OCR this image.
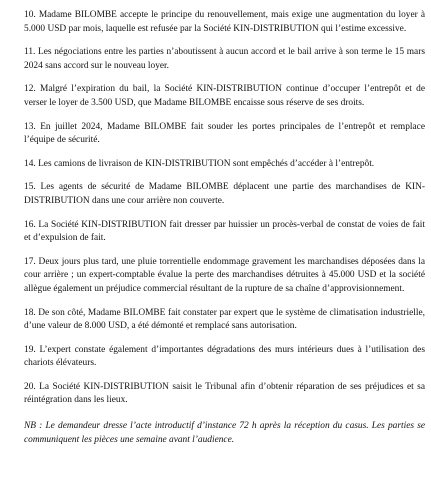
10. Madame BILOMBE accepte le principe du renouvellement, mais exige une augmentation du loyer à 5.000 USD par mois, laquelle est refusée par la Société KIN-DISTRIBUTION qui l’estime excessive.

11. Les négociations entre les parties n’aboutissent à aucun accord et le bail arrive à son terme le 15 mars 2024 sans accord sur le nouveau loyer.

12. Malgré l’expiration du bail, la Société KIN-DISTRIBUTION continue d’occuper l’entrepôt et de verser le loyer de 3.500 USD, que Madame BILOMBE encaisse sous réserve de ses droits.

13. En juillet 2024, Madame BILOMBE fait souder les portes principales de l’entrepôt et remplace l’équipe de sécurité.

14. Les camions de livraison de KIN-DISTRIBUTION sont empêchés d’accéder à l’entrepôt.

15. Les agents de sécurité de Madame BILOMBE déplacent une partie des marchandises de KIN-DISTRIBUTION dans une cour arrière non couverte.

16. La Société KIN-DISTRIBUTION fait dresser par huissier un procès-verbal de constat de voies de fait et d’expulsion de fait.

17. Deux jours plus tard, une pluie torrentielle endommage gravement les marchandises déposées dans la cour arrière ; un expert-comptable évalue la perte des marchandises détruites à 45.000 USD et la société allègue également un préjudice commercial résultant de la rupture de sa chaîne d’approvisionnement.

18. De son côté, Madame BILOMBE fait constater par expert que le système de climatisation industrielle, d’une valeur de 8.000 USD, a été démonté et remplacé sans autorisation.

19. L’expert constate également d’importantes dégradations des murs intérieurs dues à l’utilisation des chariots élévateurs.

20. La Société KIN-DISTRIBUTION saisit le Tribunal afin d’obtenir réparation de ses préjudices et sa réintégration dans les lieux.

NB : Le demandeur dresse l’acte introductif d’instance 72 h après la réception du casus. Les parties se communiquent les pièces une semaine avant l’audience.
